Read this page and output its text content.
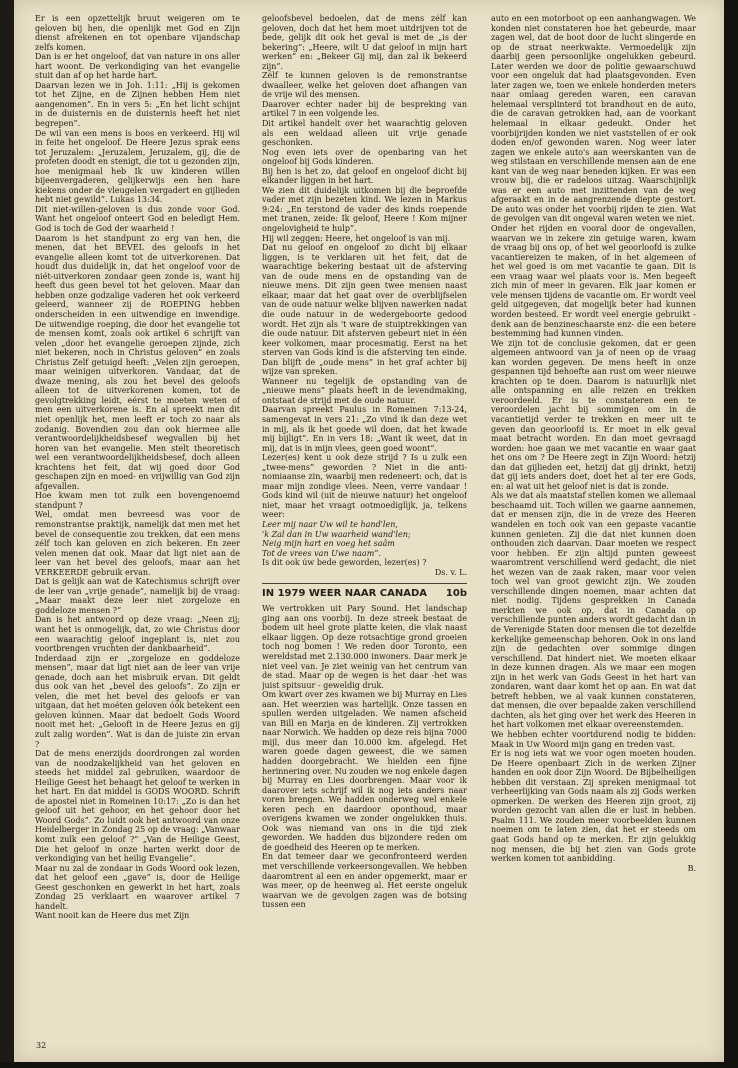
Er is een opzettelijk bruut weigeren om te geloven bij hen, die openlijk met God en Zijn dienst afrekenen en tot openbare vijandschap zelfs komen.

Dan is er het ongeloof, dat van nature in ons aller hart woont. De verkondiging van het evangelie stuit dan af op het harde hart.

Daarvan lezen we in Joh. 1:11: „Hij is gekomen tot het Zijne, en de Zijnen hebben Hem niet aangenomen”. En in vers 5: „En het licht schijnt in de duisternis en de duisternis heeft het niet begrepen”.

De wil van een mens is boos en verkeerd. Hij wil in feite het ongeloof. De Heere Jezus sprak eens tot Jeruzalem: „Jeruzalem, Jeruzalem, gij, die de profeten doodt en stenigt, die tot u gezonden zijn, hoe menigmaal heb Ik uw kinderen willen bijeenvergaderen, gelijkerwijs een hen hare kiekens onder de vleugelen vergadert en gijlieden hebt niet gewild”. Lukas 13:34.

Dit niet-willen-geloven is dus zonde voor God. Want het ongeloof onteert God en beledigt Hem. God is toch de God der waarheid !

Daarom is het standpunt zo erg van hen, die menen, dat het BEVEL des geloofs in het evangelie alleen komt tot de uitverkorenen. Dat houdt dus duidelijk in, dat het ongeloof voor de niét-uitverkoren zondaar geen zonde is, want hij heeft dus geen bevel tot het geloven. Maar dan hebben onze godzalige vaderen het ook verkeerd geleerd, wanneer zij de ROEPING hebben onderscheiden in een uitwendige en inwendige. De uitwendige roeping, die door het evangelie tot de mensen komt, zoals ook artikel 6 schrijft van velen „door het evangelie geroepen zijnde, zich niet bekeren, noch in Christus geloven” en zoals Christus Zelf getuigd heeft: „Velen zijn geroepen, maar weinigen uitverkoren. Vandaar, dat de dwaze mening, als zou het bevel des geloofs alleen tot de uitverkorenen komen, tot de gevolgtrekking leidt, eérst te moeten weten of men een uitverkorene is. En al spreekt men dit niet openlijk het, men leeft er toch zo naar als zodanig. Bovendien zou dan ook hiermee alle verantwoordelijkheidsbesef wegvallen bij het horen van het evangelie. Men stelt theoretisch wel een verantwoordelijkheidsbesef, doch alleen krachtens het feit, dat wij goed door God geschapen zijn en moed- en vrijwillig van God zijn afgevallen.

Hoe kwam men tot zulk een bovengenoemd standpunt ?

Wel, omdat men bevreesd was voor de remonstrantse praktijk, namelijk dat men met het bevel de consequentie zou trekken, dat een mens zélf toch kan geloven en zich bekeren. En zeer velen menen dat ook. Maar dat ligt niet aan de leer van het bevel des geloofs, maar aan het VERKEERDE gebruik ervan.

Dat is gelijk aan wat de Katechismus schrijft over de leer van „vrije genade”, namelijk bij de vraag: „Maar maakt deze leer niet zorgeloze en goddeloze mensen ?”

Dan is het antwoord op deze vraag: „Neen zij; want het is onmogelijk, dat, zo wie Christus door een waarachtig geloof ingeplant is, niet zou voortbrengen vruchten der dankbaarheid”.

Inderdaad zijn er „zorgeloze en goddeloze mensen”, maar dat ligt niet aan de leer van vrije genade, doch aan het misbruik ervan. Dit geldt dus ook van het „bevel des geloofs”. Zo zijn er velen, die met het bevel des geloofs er van uitgaan, dat het moéten geloven óók betekent een geloven kúnnen. Maar dat bedoelt Gods Woord nooit met het: „Gelooft in de Heere Jezus en gij zult zalig worden”. Wat is dan de juiste zin ervan ?

Dat de mens enerzijds doordrongen zal worden van de noodzakelijkheid van het geloven en steeds het middel zal gebruiken, waardoor de Heilige Geest het behaagt het geloof te werken in het hart. En dat middel is GODS WOORD. Schrift de apostel niet in Romeinen 10:17: „Zo is dan het geloof uit het gehoor, en het gehoor door het Woord Gods”. Zo luidt ook het antwoord van onze Heidelberger in Zondag 25 op de vraag: „Vanwaar komt zulk een geloof ?” „Van de Heilige Geest, Die het geloof in onze harten werkt door de verkondiging van het heilig Evangelie”.

Maar nu zal de zondaar in Gods Woord ook lezen, dat het geloof een „gave” is, door de Heilige Geest geschonken en gewerkt in het hart, zoals Zondag 25 verklaart en waarover artikel 7 handelt.

Want nooit kan de Heere dus met Zijn

geloofsbevel bedoelen, dat de mens zélf kan geloven, doch dat het hem moet uitdrijven tot de bede, gelijk dit ook het geval is met de „is der bekering”: „Heere, wilt U dat geloof in mijn hart werken” en: „Bekeer Gij mij, dan zal ik bekeerd zijn”.

Zélf te kunnen geloven is de remonstrantse dwaalleer, welke het geloven doet afhangen van de vrije wil des mensen.

Daarover echter nader bij de bespreking van artikel 7 in een volgende les.

Dit artikel handelt over het waarachtig geloven als een weldaad alleen uit vrije genade geschonken.

Nog even iets over de openbaring van het ongeloof bij Gods kinderen.

Bij hen is het zo, dat geloof en ongeloof dicht bij elkander liggen in het hart.

We zien dit duidelijk uitkomen bij die beproefde vader met zijn bezeten kind. We lezen in Markus 9:24: „En terstond de vader des kinds roepende met tranen, zeide: Ik geloof, Heere ! Kom mijner ongelovigheid te hulp”.

Hij wil zeggen: Heere, het ongeloof is van mij.

Dat nu geloof en ongeloof zo dicht bij elkaar liggen, is te verklaren uit het feit, dat de waarachtige bekering bestaat uit de afsterving van de oude mens en de opstanding van de nieuwe mens. Dit zijn geen twee mensen naast elkaar, maar dat het gaat over de overblijfselen van de oude natuur welke blijven nawerken nadat die oude natuur in de wedergeboorte gedood wordt. Het zijn als 't ware de stuiptrekkingen van die oude natuur. Dit afsterven gebeurt niet in één keer volkomen, maar procesmatig. Eerst na het sterven van Gods kind is die afsterving ten einde. Dan blijft de „oude mens” in het graf achter bij wijze van spreken.

Wanneer nu tegelijk de opstanding van de „nieuwe mens” plaats heeft in de levendmaking, ontstaat de strijd met de oude natuur.

Daarvan spreekt Paulus in Romeinen 7:13-24, samengevat in vers 21: „Zo vind ik dan deze wet in mij, als ik het goede wil doen, dat het kwade mij bijligt”. En in vers 18: „Want ik weet, dat in mij, dat is in mijn vlees, geen goed woont”.

Lezer(es) kent u ook deze strijd ? Is u zulk een „twee-mens” geworden ? Niet in die anti-nomiaanse zin, waarbij men redeneert: och, dat is maar mijn zondige vlees. Neen, verre vandaar ! Gods kind wil (uit de nieuwe natuur) het ongeloof niet, maar het vraagt ootmoediglìjk, ja, telkens weer:

Leer mij naar Uw wil te hand'len,

'k Zal dan in Uw waarheid wand'len;

Neig mijn hart en voeg het saâm

Tot de vrees van Uwe naam”.

Is dit ook úw bede geworden, lezer(es) ?

Ds. v. L.

IN 1979 WEER NAAR CANADA 10b

We vertrokken uit Pary Sound. Het landschap ging aan ons voorbij. In deze streek bestaat de bodem uit heel grote platte keien, die vlak naast elkaar liggen. Op deze rotsachtige grond groeien toch nog bomen ! We reden door Toronto, een wereldstad met 2.130.000 inwoners. Daar merk je niet veel van. Je ziet weinig van het centrum van de stad. Maar op de wegen is het daar -het was juist spitsuur - geweldig druk.

Om kwart over zes kwamen we bij Murray en Lies aan. Het weerzien was hartelijk. Onze tassen en spullen werden uitgeladen. We namen afscheid van Bill en Marja en de kinderen. Zij vertrokken naar Norwich. We hadden op deze reis bijna 7000 mijl, dus meer dan 10.000 km. afgelegd. Het waren goede dagen geweest, die we samen hadden doorgebracht. We hielden een fijne herinnering over. Nu zouden we nog enkele dagen bij Murray en Lies doorbrengen. Maar voor ik daarover iets schrijf wil ik nog iets anders naar voren brengen. We hadden onderweg wel enkele keren pech en daardoor oponthoud, maar overigens kwamen we zonder ongelukken thuis. Ook was niemand van ons in die tijd ziek geworden. We hadden dus bijzondere reden om de goedheid des Heeren op te merken.

En dat temeer daar we geconfronteerd werden met verschillende verkeersongevallen. We hebben daaromtrent al een en ander opgemerkt, maar er was meer, op de heenweg al. Het eerste ongeluk waarvan we de gevolgen zagen was de botsing tussen een

auto en een motorboot op een aanhangwagen. We konden niet constateren hoe het gebeurde, maar zagen wel, dat de boot door de lucht slingerde en op de straat neerkwakte. Vermoedelijk zijn daarbij geen persoonlijke ongelukken gebeurd. Later werden we door de politie gewaarschuwd voor een ongeluk dat had plaatsgevonden. Even later zagen we, toen we enkele honderden meters naar omlaag gereden waren, een caravan helemaal versplinterd tot brandhout en de auto, die de caravan getrokken had, aan de voorkant helemaal in elkaar gedeukt. Onder het voorbijrijden konden we niet vaststellen of er ook doden en/of gewonden waren. Nog weer later zagen we enkele auto's aan weerskanten van de weg stilstaan en verschillende mensen aan de ene kant van de weg naar beneden kijken. Er was een vrouw bij, die er radeloos uitzag. Waarschijnlijk was er een auto met inzittenden van de weg afgeraakt en in de aangrenzende diepte gestort. De auto was onder het voorbij rijden te zien. Wat de gevolgen van dit ongeval waren weten we niet.

Onder het rijden en vooral door de ongevallen, waarvan we in zekere zin getuige waren, kwam de vraag bij ons op, of het wel geoorloofd is zulke vacantiereizen te maken, of in het algemeen of het wel goed is om met vacantie te gaan. Dit is een vraag waar wel plaats voor is. Men begeeft zich min of meer in gevaren. Elk jaar komen er vele mensen tijdens de vacantie om. Er wordt veel geld uitgegeven, dat mogelijk beter had kunnen worden besteed. Er wordt veel energie gebruikt -denk aan de benzineschaarste enz- die een betere bestemming had kunnen vinden.

We zijn tot de conclusie gekomen, dat er geen algemeen antwoord van ja of neen op de vraag kan worden gegeven. De mens heeft in onze gespannen tijd behoefte aan rust om weer nieuwe krachten op te doen. Daarom is natuurlijk niet alle ontspanning en alle reizen en trekken veroordeeld. Er is te constateren een te veroordelen jacht bij sommigen om in de vacantietijd verder te trekken en meer uit te geven dan geoorloofd is. Er moet in elk geval maat betracht worden. En dan moet gevraagd worden: hoe gaan we met vacantie en waar gaat het ons om ? De Heere zegt in Zijn Woord: hetzij dan dat gijlieden eet, hetzij dat gij drinkt, hetzij dat gij iets anders doet, doet het al ter ere Gods, en: al wat uit het geloof niet is dat is zonde.

Als we dat als maatstaf stellen komen we allemaal beschaamd uit. Toch willen we gaarne aannemen, dat er mensen zijn, die in de vreze des Heeren wandelen en toch ook van een gepaste vacantie kunnen genieten. Zij die dat niet kunnen doen onthouden zich daarvan. Daar moeten we respect voor hebben. Er zijn altijd punten geweest waaromtrent verschillend werd gedacht, die niet het wezen van de zaak raken, maar voor velen toch wel van groot gewicht zijn. We zouden verschillende dingen noemen, maar achten dat niet nodig. Tijdens gesprekken in Canada merkten we ook op, dat in Canada op verschillende punten anders wordt gedacht dan in de Verenigde Staten door mensen die tot dezelfde kerkelijke gemeenschap behoren. Ook in ons land zijn de gedachten over sommige dingen verschillend. Dat hindert niet. We moeten elkaar in deze kunnen dragen. Als we maar een mogen zijn in het werk van Gods Geest in het hart van zondaren, want daar komt het op aan. En wat dat betreft hebben, we al vaak kunnen constateren, dat mensen, die over bepaalde zaken verschillend dachten, als het ging over het werk des Heeren in het hart volkomen met elkaar overeenstemden.

We hebben echter voortdurend nodig te bidden: Maak in Uw Woord mijn gang en treden vast.

Er is nog iets wat we voor ogen moeten houden. De Heere openbaart Zich in de werken Zijner handen en ook door Zijn Woord. De Bijbelheiligen hebben dit verstaan. Zij spreken menigmaal tot verheerlijking van Gods naam als zij Gods werken opmerken. De werken des Heeren zijn groot, zij worden gezocht van allen die er lust in hebben. Psalm 111. We zouden meer voorbeelden kunnen noemen om te laten zien, dat het er steeds om gaat Gods hand op te merken. Er zijn gelukkig nog mensen, die bij het zien van Gods grote werken komen tot aanbidding.

B.

32
